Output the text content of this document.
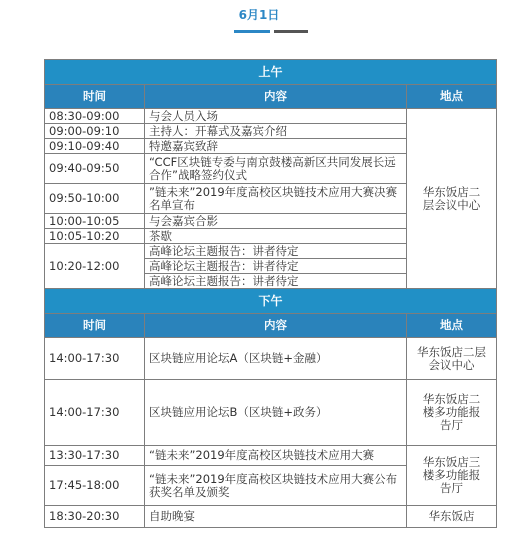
6月1日
上午		
时间	内容	地点
08:30-09:00	与会人员入场	华东饭店二层会议中心

09:00-09:10	主持人：开幕式及嘉宾介绍	
09:10-09:40	特邀嘉宾致辞	
09:40-09:50	“CCF区块链专委与南京鼓楼高新区共同发展长远合作”战略签约仪式	
09:50-10:00	”链未来”2019年度高校区块链技术应用大赛决赛名单宣布	
10:00-10:05	与会嘉宾合影	
10:05-10:20	茶歇	
10:20-12:00	高峰论坛主题报告：讲者待定	
	高峰论坛主题报告：讲者待定	
	高峰论坛主题报告：讲者待定	
下午		
时间	内容	地点
14:00-17:30	区块链应用论坛A（区块链+金融）	华东饭店二层会议中心

14:00-17:30	区块链应用论坛B（区块链+政务）	华东饭店二楼多功能报告厅

13:30-17:30	“链未来”2019年度高校区块链技术应用大赛	华东饭店三楼多功能报告厅

17:45-18:00	“链未来”2019年度高校区块链技术应用大赛公布获奖名单及颁奖	
18:30-20:30	自助晚宴	华东饭店
